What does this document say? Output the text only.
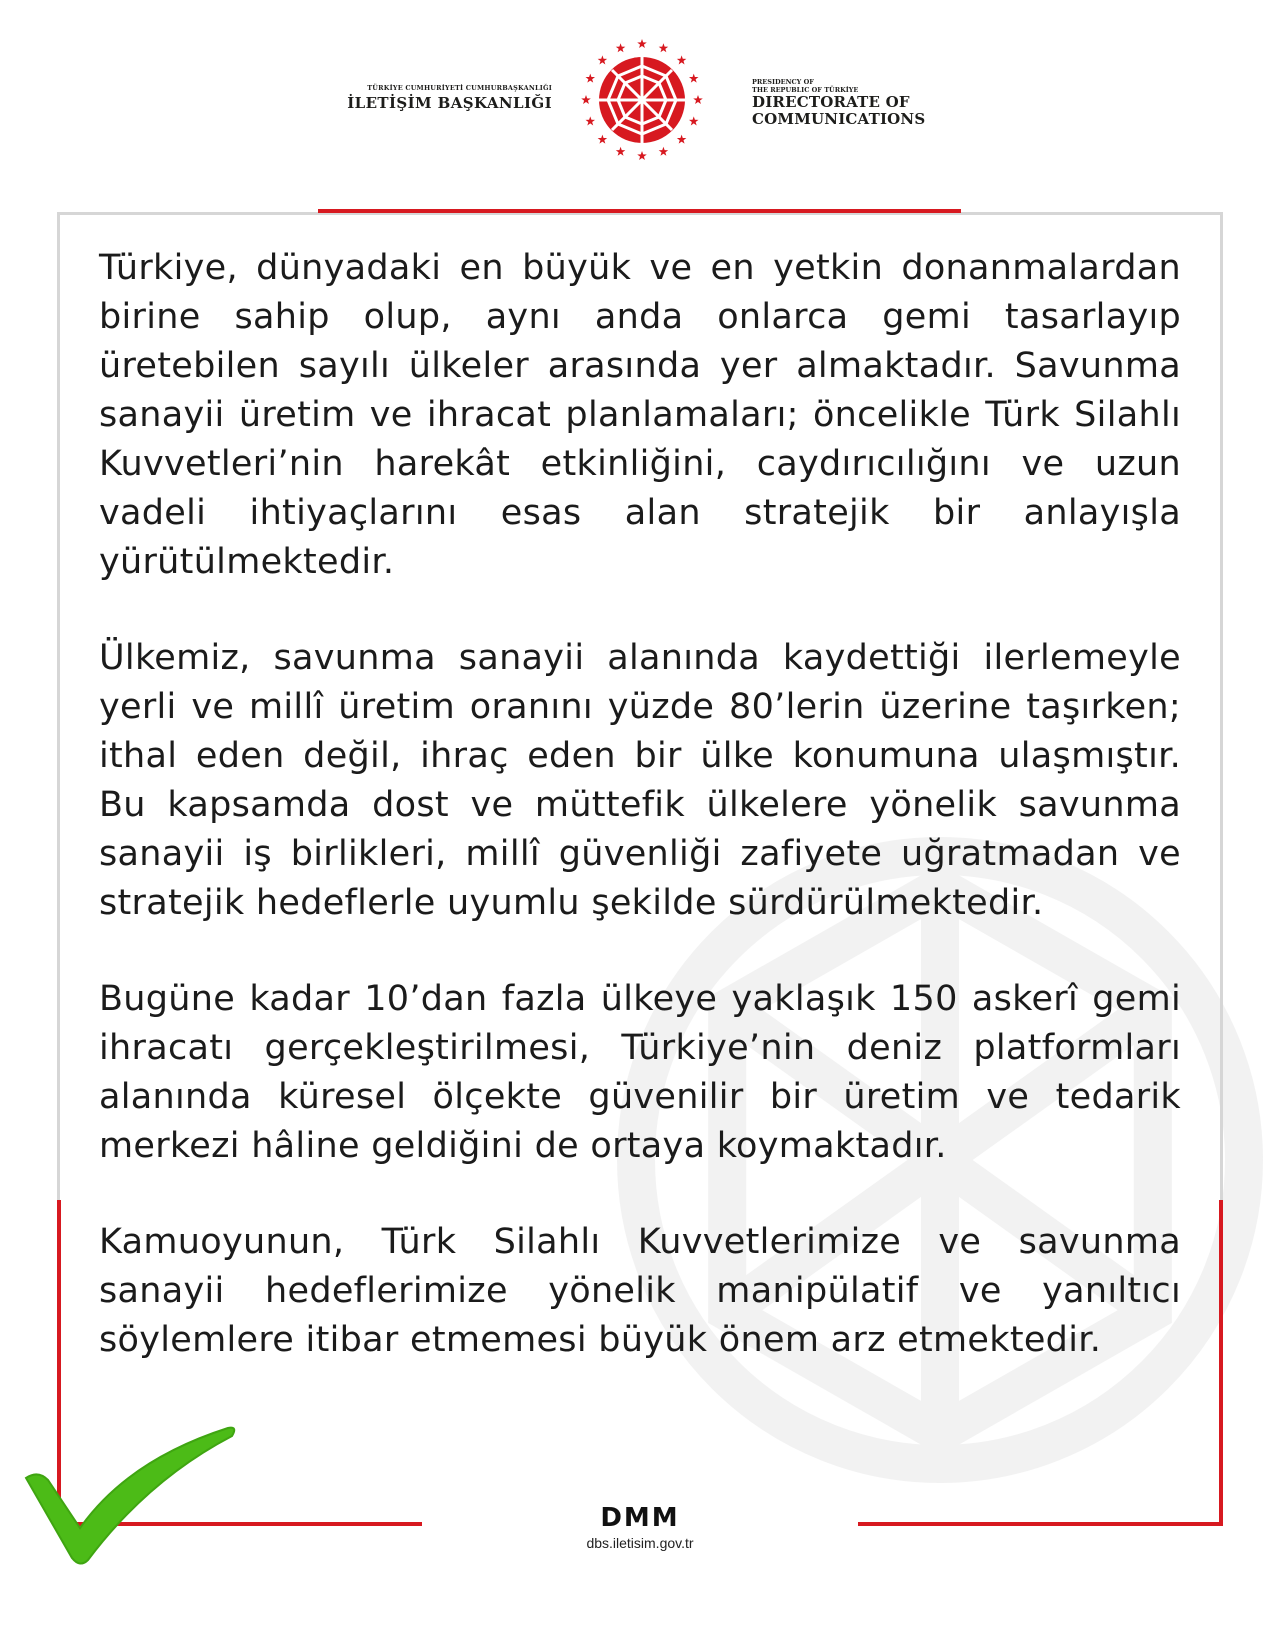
TÜRKİYE CUMHURİYETİ CUMHURBAŞKANLIĞI
İLETİŞİM BAŞKANLIĞI
PRESIDENCY OF
THE REPUBLIC OF TÜRKİYE
DIRECTORATE OF
COMMUNICATIONS

Türkiye, dünyadaki en büyük ve en yetkin donanmalardan birine sahip olup, aynı anda onlarca gemi tasarlayıp üretebilen sayılı ülkeler arasında yer almaktadır. Savunma sanayii üretim ve ihracat planlamaları; öncelikle Türk Silahlı Kuvvetleri’nin harekât etkinliğini, caydırıcılığını ve uzun vadeli ihtiyaçlarını esas alan stratejik bir anlayışla yürütülmektedir.

Ülkemiz, savunma sanayii alanında kaydettiği ilerlemeyle yerli ve millî üretim oranını yüzde 80’lerin üzerine taşırken; ithal eden değil, ihraç eden bir ülke konumuna ulaşmıştır. Bu kapsamda dost ve müttefik ülkelere yönelik savunma sanayii iş birlikleri, millî güvenliği zafiyete uğratmadan ve stratejik hedeflerle uyumlu şekilde sürdürülmektedir.

Bugüne kadar 10’dan fazla ülkeye yaklaşık 150 askerî gemi ihracatı gerçekleştirilmesi, Türkiye’nin deniz platformları alanında küresel ölçekte güvenilir bir üretim ve tedarik merkezi hâline geldiğini de ortaya koymaktadır.

Kamuoyunun, Türk Silahlı Kuvvetlerimize ve savunma sanayii hedeflerimize yönelik manipülatif ve yanıltıcı söylemlere itibar etmemesi büyük önem arz etmektedir.

DMM
dbs.iletisim.gov.tr
